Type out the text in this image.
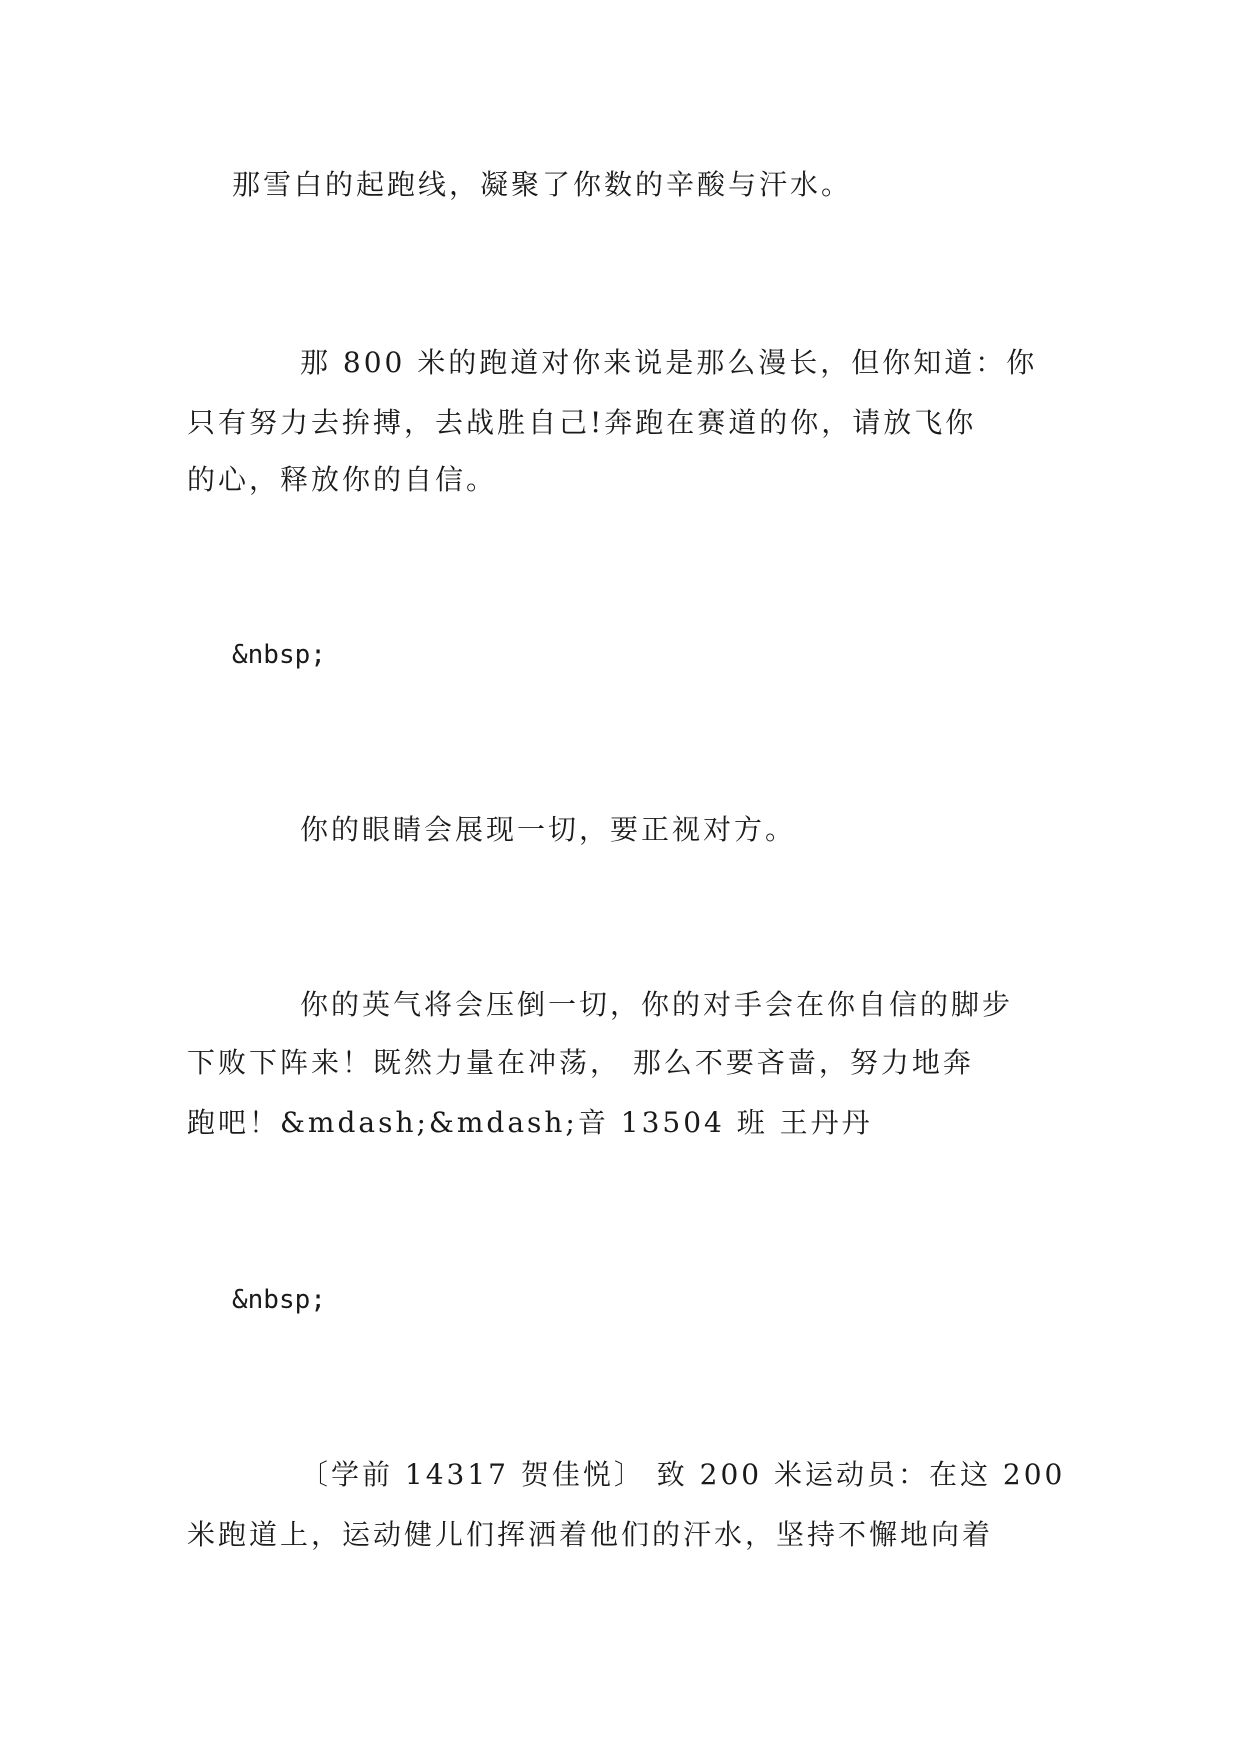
那雪白的起跑线，凝聚了你数的辛酸与汗水。
那 800 米的跑道对你来说是那么漫长，但你知道：你
只有努力去拚搏，去战胜自己!奔跑在赛道的你，请放飞你
的心，释放你的自信。
&nbsp;
你的眼睛会展现一切，要正视对方。
你的英气将会压倒一切，你的对手会在你自信的脚步
下败下阵来！既然力量在冲荡， 那么不要吝啬，努力地奔
跑吧！&mdash;&mdash;音 13504 班 王丹丹
&nbsp;
〔学前 14317 贺佳悦〕 致 200 米运动员：在这 200
米跑道上，运动健儿们挥洒着他们的汗水，坚持不懈地向着
